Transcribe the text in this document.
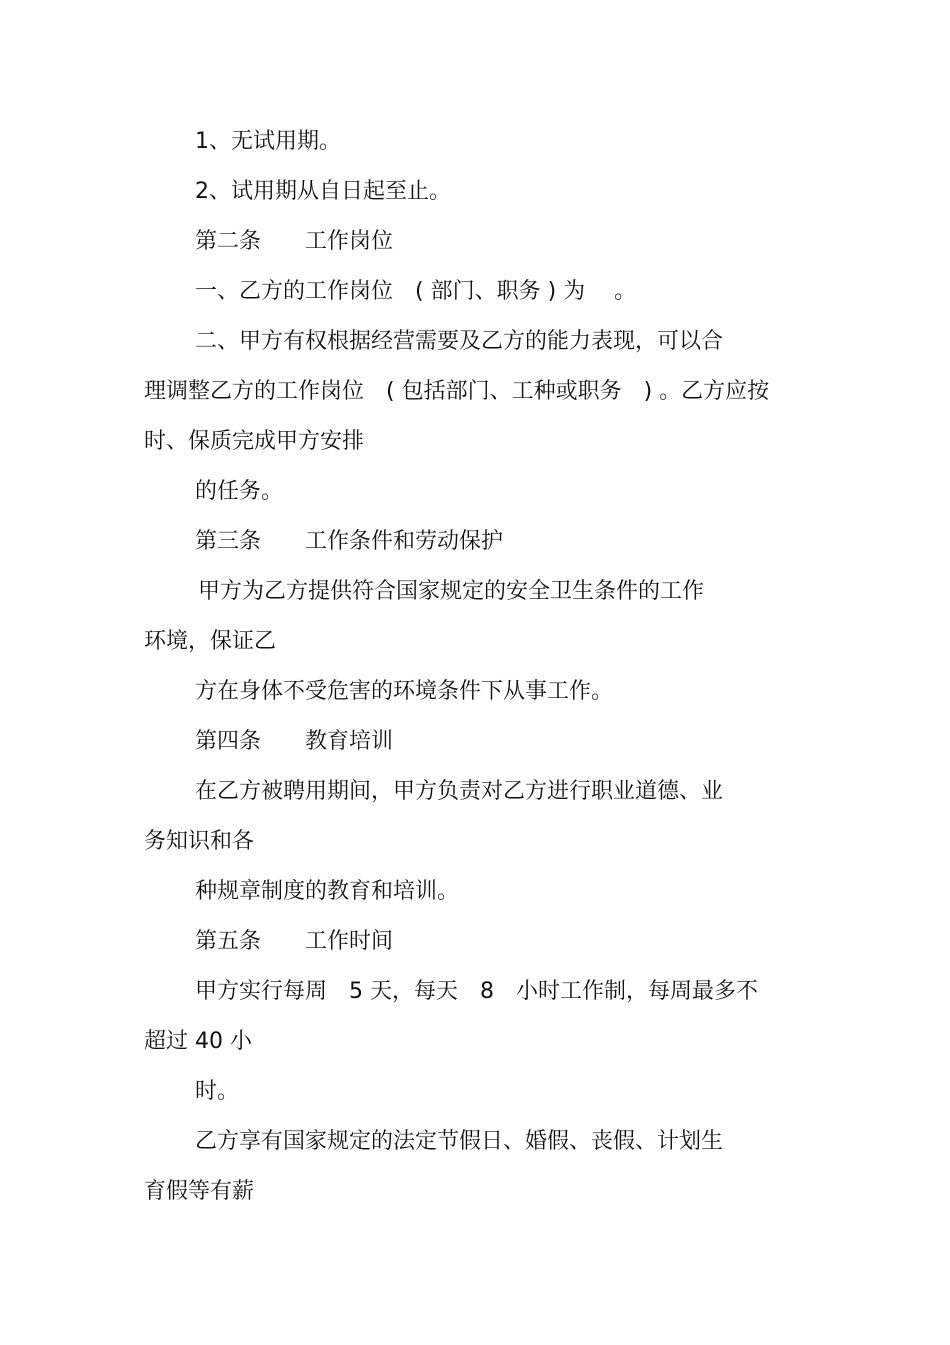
1、无试用期。
2、试用期从自日起至止。
第二条　　工作岗位
一、乙方的工作岗位　( 部门、职务 ) 为　 。
二、甲方有权根据经营需要及乙方的能力表现，可以合
理调整乙方的工作岗位　( 包括部门、工种或职务　) 。乙方应按
时、保质完成甲方安排
的任务。
第三条　　工作条件和劳动保护
甲方为乙方提供符合国家规定的安全卫生条件的工作
环境，保证乙
方在身体不受危害的环境条件下从事工作。
第四条　　教育培训
在乙方被聘用期间，甲方负责对乙方进行职业道德、业
务知识和各
种规章制度的教育和培训。
第五条　　工作时间
甲方实行每周　5 天，每天　8　小时工作制，每周最多不
超过 40 小
时。
乙方享有国家规定的法定节假日、婚假、丧假、计划生
育假等有薪
